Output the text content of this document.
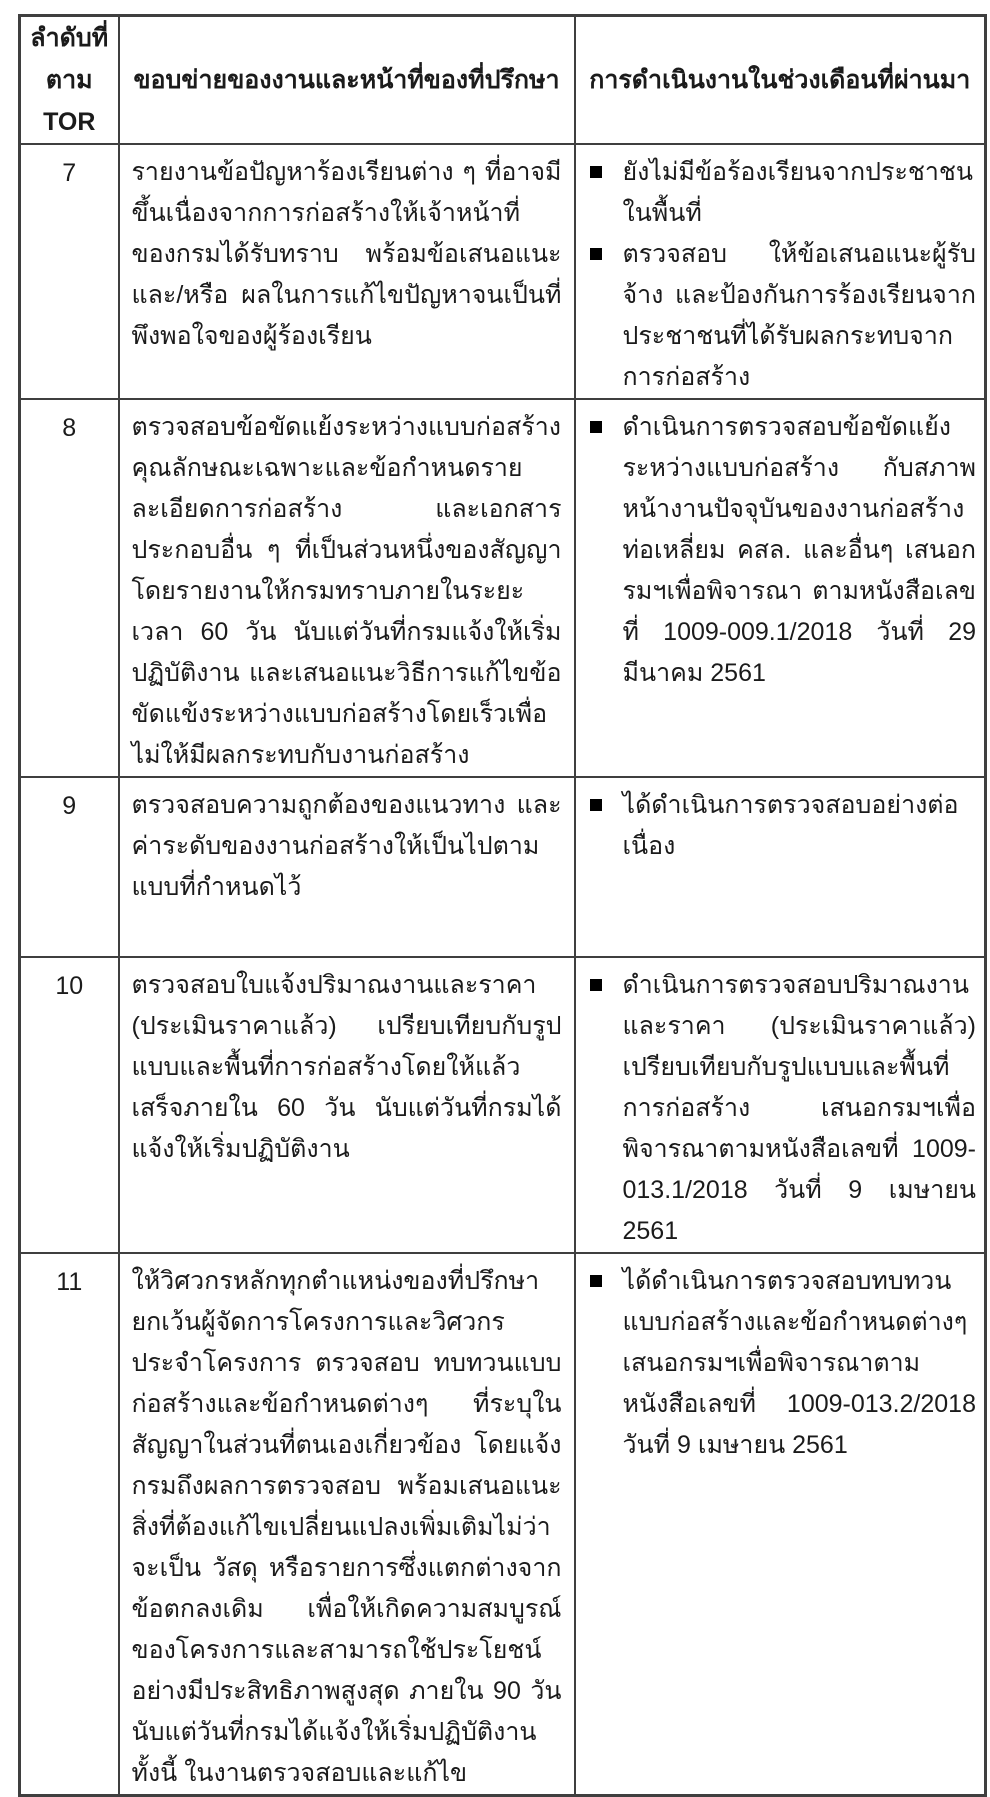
ลำดับที่
ตาม
TOR	ขอบข่ายของงานและหน้าที่ของที่ปรึกษา	การดำเนินงานในช่วงเดือนที่ผ่านมา
7	รายงานข้อปัญหาร้องเรียนต่าง ๆ ที่อาจมีขึ้นเนื่องจากการก่อสร้างให้เจ้าหน้าที่ของกรมได้รับทราบ พร้อมข้อเสนอแนะ และ/หรือ ผลในการแก้ไขปัญหาจนเป็นที่พึงพอใจของผู้ร้องเรียน	ยังไม่มีข้อร้องเรียนจากประชาชนในพื้นที่
ตรวจสอบ ให้ข้อเสนอแนะผู้รับจ้าง และป้องกันการร้องเรียนจากประชาชนที่ได้รับผลกระทบจากการก่อสร้าง

8	ตรวจสอบข้อขัดแย้งระหว่างแบบก่อสร้าง คุณลักษณะเฉพาะและข้อกำหนดรายละเอียดการก่อสร้าง และเอกสารประกอบอื่น ๆ ที่เป็นส่วนหนึ่งของสัญญาโดยรายงานให้กรมทราบภายในระยะเวลา 60 วัน นับแต่วันที่กรมแจ้งให้เริ่มปฏิบัติงาน และเสนอแนะวิธีการแก้ไขข้อขัดแข้งระหว่างแบบก่อสร้างโดยเร็วเพื่อไม่ให้มีผลกระทบกับงานก่อสร้าง	ดำเนินการตรวจสอบข้อขัดแย้งระหว่างแบบก่อสร้าง กับสภาพหน้างานปัจจุบันของงานก่อสร้างท่อเหลี่ยม คสล. และอื่นๆ เสนอกรมฯเพื่อพิจารณา ตามหนังสือเลขที่ 1009-009.1/2018 วันที่ 29 มีนาคม 2561

9	ตรวจสอบความถูกต้องของแนวทาง และค่าระดับของงานก่อสร้างให้เป็นไปตามแบบที่กำหนดไว้	ได้ดำเนินการตรวจสอบอย่างต่อเนื่อง

10	ตรวจสอบใบแจ้งปริมาณงานและราคา (ประเมินราคาแล้ว) เปรียบเทียบกับรูปแบบและพื้นที่การก่อสร้างโดยให้แล้วเสร็จภายใน 60 วัน นับแต่วันที่กรมได้แจ้งให้เริ่มปฏิบัติงาน	ดำเนินการตรวจสอบปริมาณงานและราคา (ประเมินราคาแล้ว) เปรียบเทียบกับรูปแบบและพื้นที่การก่อสร้าง เสนอกรมฯเพื่อพิจารณาตามหนังสือเลขที่ 1009-013.1/2018 วันที่ 9 เมษายน 2561

11	ให้วิศวกรหลักทุกตำแหน่งของที่ปรึกษา ยกเว้นผู้จัดการโครงการและวิศวกรประจำโครงการ ตรวจสอบ ทบทวนแบบก่อสร้างและข้อกำหนดต่างๆ ที่ระบุในสัญญาในส่วนที่ตนเองเกี่ยวข้อง โดยแจ้งกรมถึงผลการตรวจสอบ พร้อมเสนอแนะสิ่งที่ต้องแก้ไขเปลี่ยนแปลงเพิ่มเติมไม่ว่าจะเป็น วัสดุ หรือรายการซึ่งแตกต่างจากข้อตกลงเดิม เพื่อให้เกิดความสมบูรณ์ของโครงการและสามารถใช้ประโยชน์อย่างมีประสิทธิภาพสูงสุด ภายใน 90 วัน นับแต่วันที่กรมได้แจ้งให้เริ่มปฏิบัติงาน ทั้งนี้ ในงานตรวจสอบและแก้ไข	ได้ดำเนินการตรวจสอบทบทวนแบบก่อสร้างและข้อกำหนดต่างๆ เสนอกรมฯเพื่อพิจารณาตามหนังสือเลขที่ 1009-013.2/2018 วันที่ 9 เมษายน 2561
